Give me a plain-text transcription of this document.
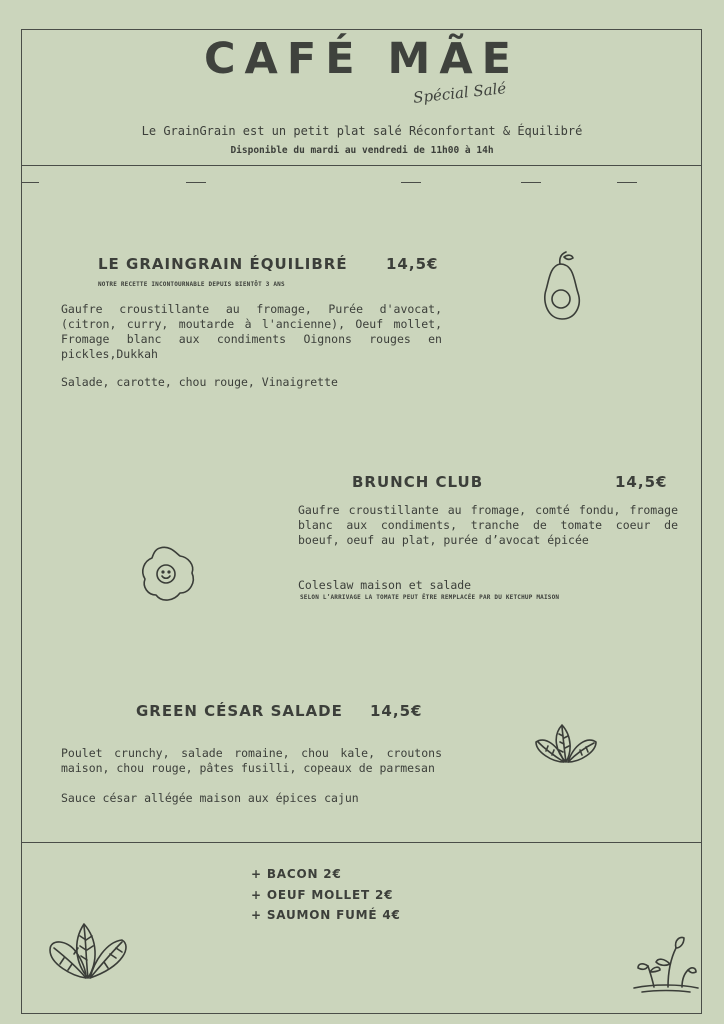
CAFÉ MÃE
Spécial Salé
Le GrainGrain est un petit plat salé Réconfortant & Équilibré
Disponible du mardi au vendredi de 11h00 à 14h
LE GRAINGRAIN ÉQUILIBRÉ	14,5€
NOTRE RECETTE INCONTOURNABLE DEPUIS BIENTÔT 3 ANS
Gaufre croustillante au fromage, Purée d'avocat, (citron, curry, moutarde à l'ancienne), Oeuf mollet, Fromage blanc aux condiments Oignons rouges en pickles,Dukkah
Salade, carotte, chou rouge, Vinaigrette
BRUNCH CLUB	14,5€
Gaufre croustillante au fromage, comté fondu, fromage blanc aux condiments, tranche de tomate coeur de boeuf, oeuf au plat, purée d’avocat épicée
Coleslaw maison et salade
SELON L’ARRIVAGE LA TOMATE PEUT ÊTRE REMPLACÉE PAR DU KETCHUP MAISON
GREEN CÉSAR SALADE 14,5€
Poulet crunchy, salade romaine, chou kale, croutons maison, chou rouge, pâtes fusilli, copeaux de parmesan
Sauce césar allégée maison aux épices cajun
+ BACON 2€
+ OEUF MOLLET 2€
+ SAUMON FUMÉ 4€
